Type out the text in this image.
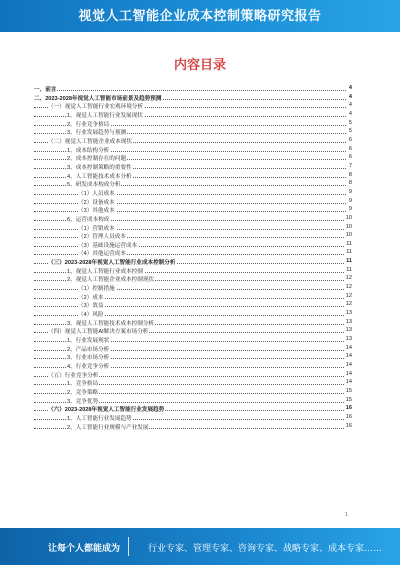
视觉人工智能企业成本控制策略研究报告
内容目录
一、前言	4
二、2023-2028年视觉人工智能市场前景及趋势预测	4
（一）视觉人工智能行业宏观环境分析	4
1、视觉人工智能行业发展现状	4
2、行业竞争格局	5
3、行业发展趋势与预测	5
（二）视觉人工智能企业成本现状	6
1、成本结构分析	6
2、成本控制存在的问题	6
3、成本控制策略的重要性	7
4、人工智能技术成本分析	8
5、研发成本构成分析	8
（1）人员成本	9
（2）设备成本	9
（3）其他成本	9
6、运营成本构成	10
（1）营销成本	10
（2）管理人员成本	10
（3）基础设施运营成本	11
（4）其他运营成本	11
（三）2023-2028年视觉人工智能行业成本控制分析	11
1、视觉人工智能行业成本控制	11
2、视觉人工智能企业成本控制现状	12
（1）控制措施	12
（2）成本	12
（3）效益	12
（4）风险	13
3、视觉人工智能技术成本控制分析	13
（四）视觉人工智能AI解决方案市场分析	13
1、行业发展现状	13
2、产品市场分析	14
3、行业市场分析	14
4、行业竞争分析	14
（五）行业竞争分析	14
1、竞争格局	14
2、竞争策略	15
3、竞争优势	15
（六）2023-2028年视觉人工智能行业发展趋势	16
1、人工智能行业发展趋势	16
2、人工智能行业规模与产业发展	16
1
让每个人都能成为	行业专家、管理专家、咨询专家、战略专家、成本专家……
